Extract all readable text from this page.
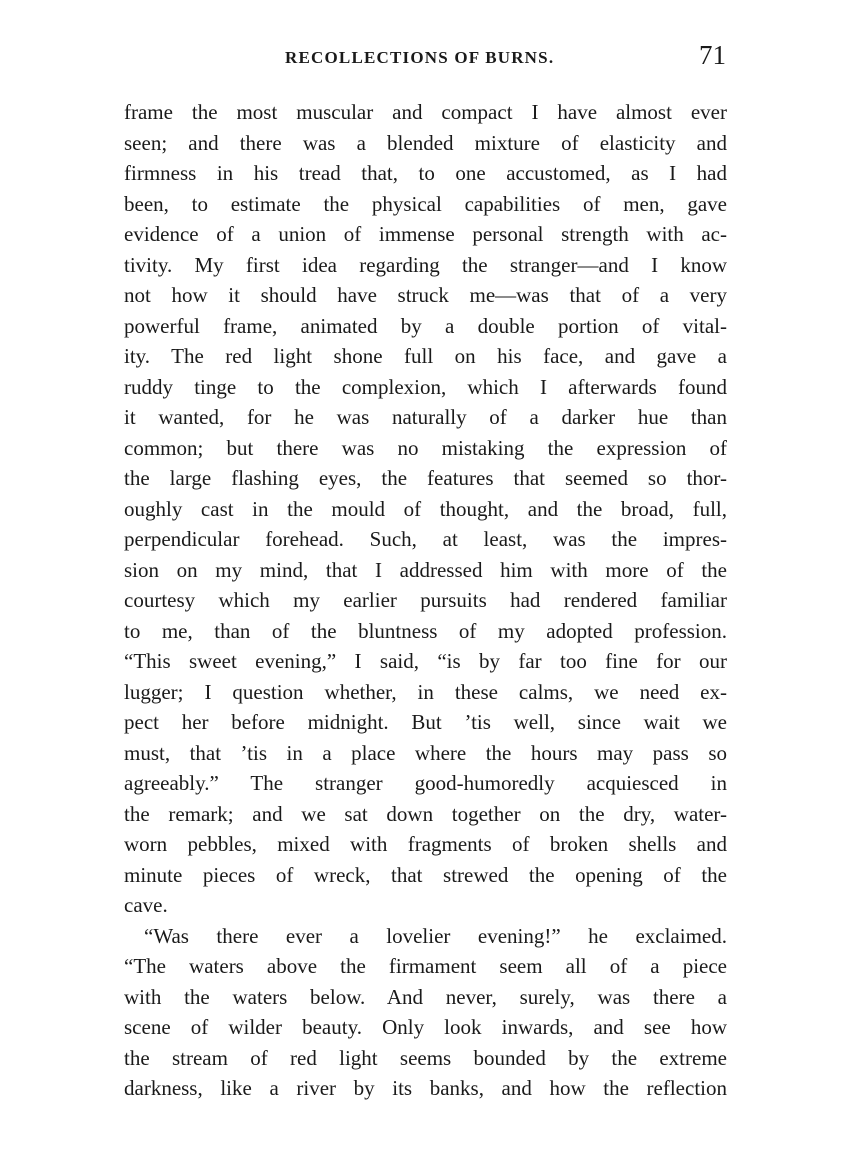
RECOLLECTIONS OF BURNS.	71
frame the most muscular and compact I have almost ever
seen; and there was a blended mixture of elasticity and
firmness in his tread that, to one accustomed, as I had
been, to estimate the physical capabilities of men, gave
evidence of a union of immense personal strength with ac-
tivity. My first idea regarding the stranger—and I know
not how it should have struck me—was that of a very
powerful frame, animated by a double portion of vital-
ity. The red light shone full on his face, and gave a
ruddy tinge to the complexion, which I afterwards found
it wanted, for he was naturally of a darker hue than
common; but there was no mistaking the expression of
the large flashing eyes, the features that seemed so thor-
oughly cast in the mould of thought, and the broad, full,
perpendicular forehead. Such, at least, was the impres-
sion on my mind, that I addressed him with more of the
courtesy which my earlier pursuits had rendered familiar
to me, than of the bluntness of my adopted profession.
“This sweet evening,” I said, “is by far too fine for our
lugger; I question whether, in these calms, we need ex-
pect her before midnight. But ’tis well, since wait we
must, that ’tis in a place where the hours may pass so
agreeably.” The stranger good-humoredly acquiesced in
the remark; and we sat down together on the dry, water-
worn pebbles, mixed with fragments of broken shells and
minute pieces of wreck, that strewed the opening of the
cave.
“Was there ever a lovelier evening!” he exclaimed.
“The waters above the firmament seem all of a piece
with the waters below. And never, surely, was there a
scene of wilder beauty. Only look inwards, and see how
the stream of red light seems bounded by the extreme
darkness, like a river by its banks, and how the reflection
